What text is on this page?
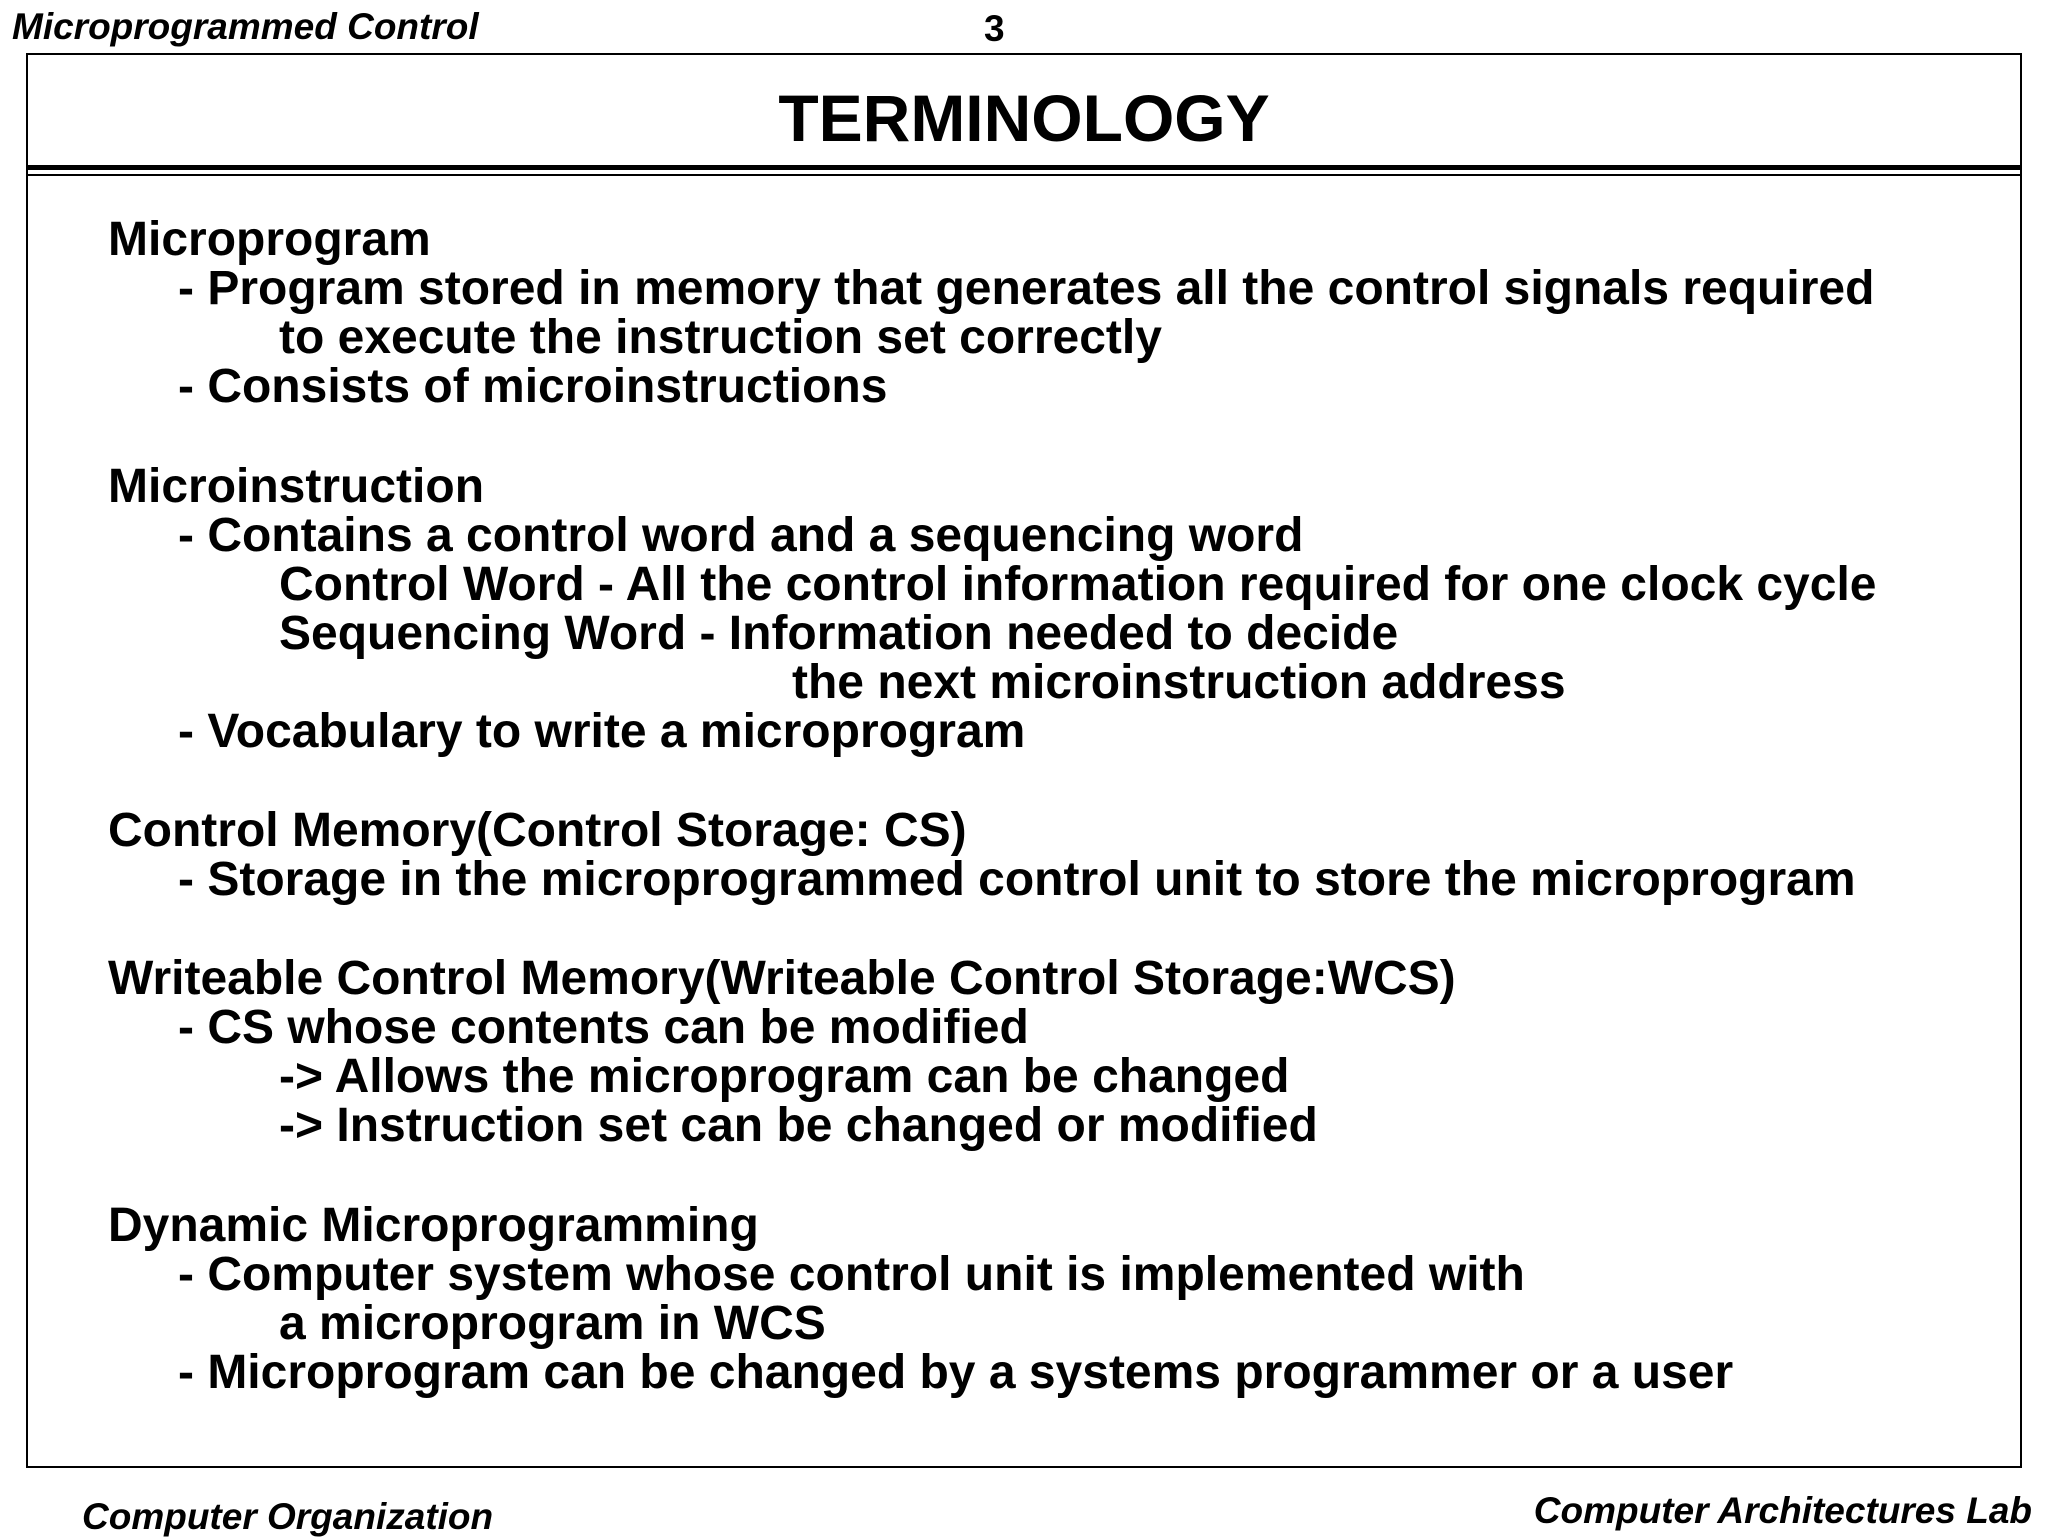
Microprogrammed Control	3
TERMINOLOGY
Microprogram
- Program stored in memory that generates all the control signals required
to execute the instruction set correctly
- Consists of microinstructions
Microinstruction
- Contains a control word and a sequencing word
Control Word - All the control information required for one clock cycle
Sequencing Word - Information needed to decide
the next microinstruction address
- Vocabulary to write a microprogram
Control Memory(Control Storage: CS)
- Storage in the microprogrammed control unit to store the microprogram
Writeable Control Memory(Writeable Control Storage:WCS)
- CS whose contents can be modified
-> Allows the microprogram can be changed
-> Instruction set can be changed or modified
Dynamic Microprogramming
- Computer system whose control unit is implemented with
a microprogram in WCS
- Microprogram can be changed by a systems programmer or a user
Computer Organization	Computer Architectures Lab
